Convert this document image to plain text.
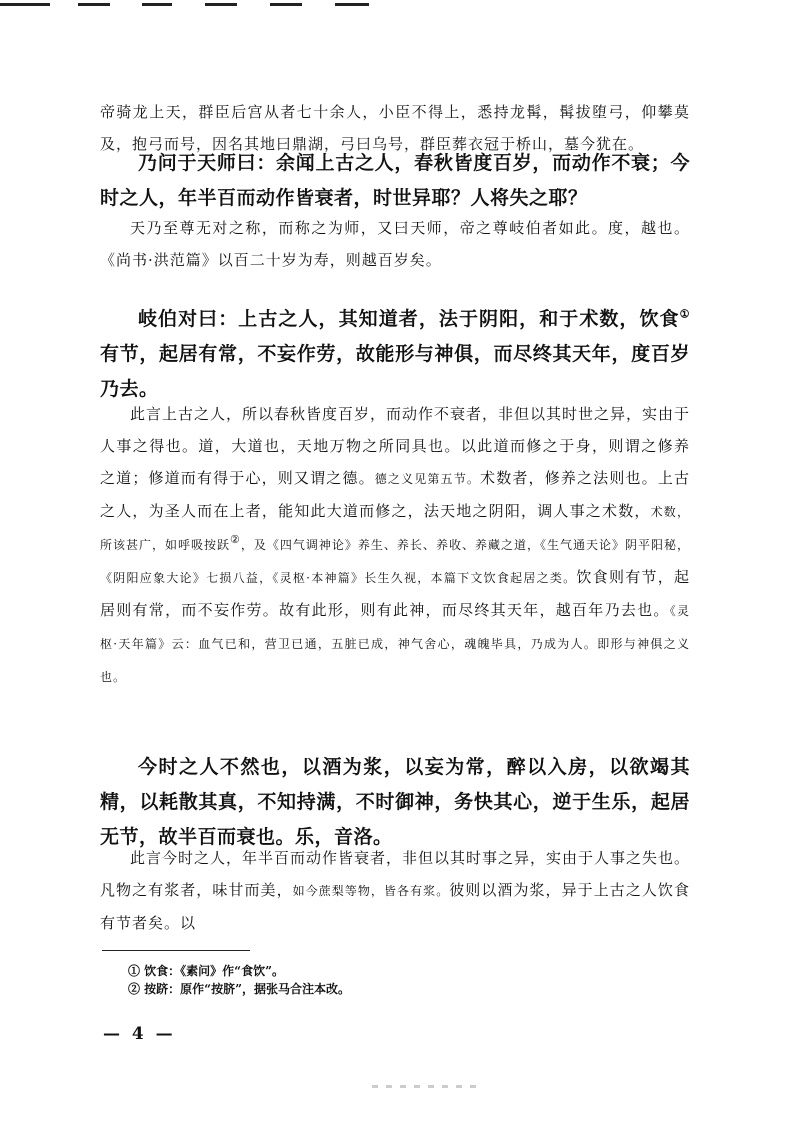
帝骑龙上天，群臣后宫从者七十余人，小臣不得上，悉持龙髯，髯拔堕弓，仰攀莫及，抱弓而号，因名其地曰鼎湖，弓曰乌号，群臣葬衣冠于桥山，墓今犹在。

乃问于天师曰：余闻上古之人，春秋皆度百岁，而动作不衰；今时之人，年半百而动作皆衰者，时世异耶？人将失之耶？

天乃至尊无对之称，而称之为师，又曰天师，帝之尊岐伯者如此。度，越也。《尚书·洪范篇》以百二十岁为寿，则越百岁矣。

岐伯对曰：上古之人，其知道者，法于阴阳，和于术数，饮食① 有节，起居有常，不妄作劳，故能形与神俱，而尽终其天年，度百岁乃去。

此言上古之人，所以春秋皆度百岁，而动作不衰者，非但以其时世之异，实由于人事之得也。道，大道也，天地万物之所同具也。以此道而修之于身，则谓之修养之道；修道而有得于心，则又谓之德。德之义见第五节。术数者，修养之法则也。上古之人，为圣人而在上者，能知此大道而修之，法天地之阴阳，调人事之术数，术数，所该甚广，如呼吸按跃②，及《四气调神论》养生、养长、养收、养藏之道，《生气通天论》阴平阳秘，《阴阳应象大论》七损八益，《灵枢·本神篇》长生久视，本篇下文饮食起居之类。饮食则有节，起居则有常，而不妄作劳。故有此形，则有此神，而尽终其天年，越百年乃去也。《灵枢·天年篇》云：血气已和，营卫已通，五脏已成，神气舍心，魂魄毕具，乃成为人。即形与神俱之义也。

今时之人不然也，以酒为浆，以妄为常，醉以入房，以欲竭其精，以耗散其真，不知持满，不时御神，务快其心，逆于生乐，起居无节，故半百而衰也。乐，音洛。

此言今时之人，年半百而动作皆衰者，非但以其时事之异，实由于人事之失也。凡物之有浆者，味甘而美，如今蔗梨等物，皆各有浆。彼则以酒为浆，异于上古之人饮食有节者矣。以

① 饮食：《素问》作“食饮”。
② 按跻：原作“按脐”，据张马合注本改。
— 4 —
